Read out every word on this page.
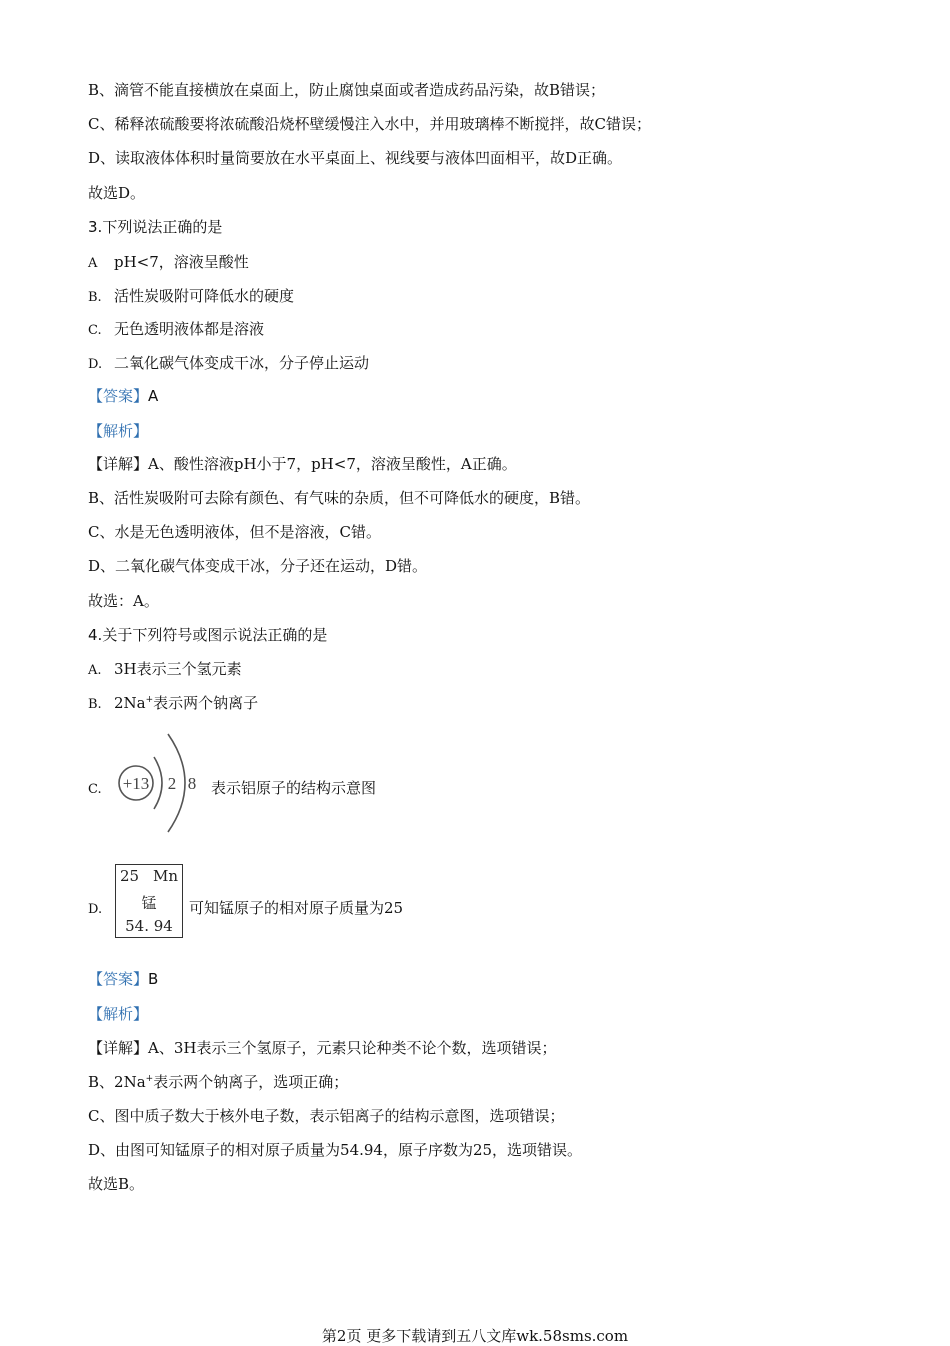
B、滴管不能直接横放在桌面上，防止腐蚀桌面或者造成药品污染，故B错误；
C、稀释浓硫酸要将浓硫酸沿烧杯壁缓慢注入水中，并用玻璃棒不断搅拌，故C错误；
D、读取液体体积时量筒要放在水平桌面上、视线要与液体凹面相平，故D正确。
故选D。
3.下列说法正确的是
A pH<7，溶液呈酸性
B. 活性炭吸附可降低水的硬度
C. 无色透明液体都是溶液
D. 二氧化碳气体变成干冰，分子停止运动
【答案】A
【解析】
【详解】A、酸性溶液pH小于7，pH<7，溶液呈酸性，A正确。
B、活性炭吸附可去除有颜色、有气味的杂质，但不可降低水的硬度，B错。
C、水是无色透明液体，但不是溶液，C错。
D、二氧化碳气体变成干冰，分子还在运动，D错。
故选：A。
4.关于下列符号或图示说法正确的是
A. 3H表示三个氢元素
B. 2Na+表示两个钠离子
C.	+13 2 8 表示铝原子的结构示意图
D.
25 Mn
锰
54. 94
可知锰原子的相对原子质量为25
【答案】B
【解析】
【详解】A、3H表示三个氢原子，元素只论种类不论个数，选项错误；
B、2Na+表示两个钠离子，选项正确；
C、图中质子数大于核外电子数，表示铝离子的结构示意图，选项错误；
D、由图可知锰原子的相对原子质量为54.94，原子序数为25，选项错误。
故选B。
第2页 更多下载请到五八文库wk.58sms.com
